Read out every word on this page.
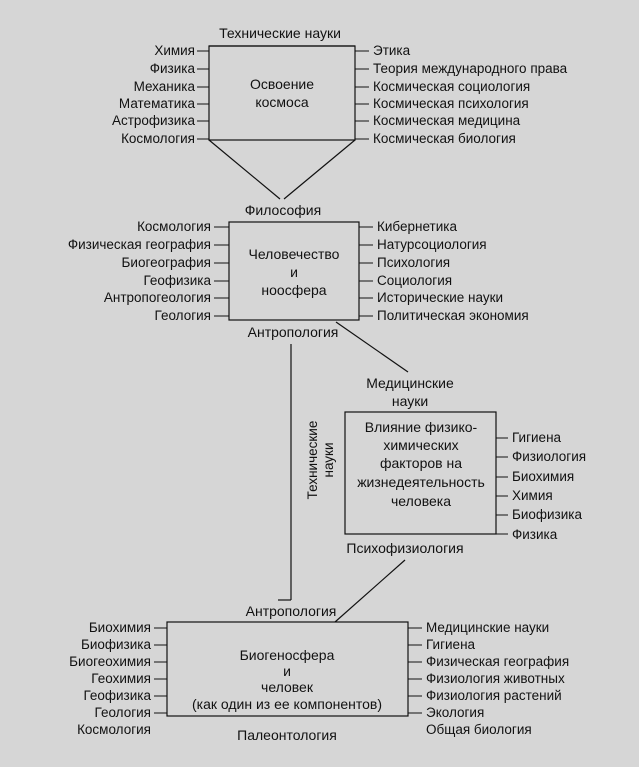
Технические науки
Освоение
космоса
Химия
Физика
Механика
Математика
Астрофизика
Космология
Этика
Теория международного права
Космическая социология
Космическая психология
Космическая медицина
Космическая биология
Философия
Человечество
и
ноосфера
Космология
Физическая география
Биогеография
Геофизика
Антропогеология
Геология
Кибернетика
Натурсоциология
Психология
Социология
Исторические науки
Политическая экономия
Антропология
Технические науки
Медицинские
науки
Влияние физико-
химических
факторов на
жизнедеятельность
человека
Гигиена
Физиология
Биохимия
Химия
Биофизика
Физика
Психофизиология
Антропология
Биогеносфера
и
человек
(как один из ее компонентов)
Биохимия
Биофизика
Биогеохимия
Геохимия
Геофизика
Геология
Космология
Медицинские науки
Гигиена
Физическая география
Физиология животных
Физиология растений
Экология
Общая биология
Палеонтология
